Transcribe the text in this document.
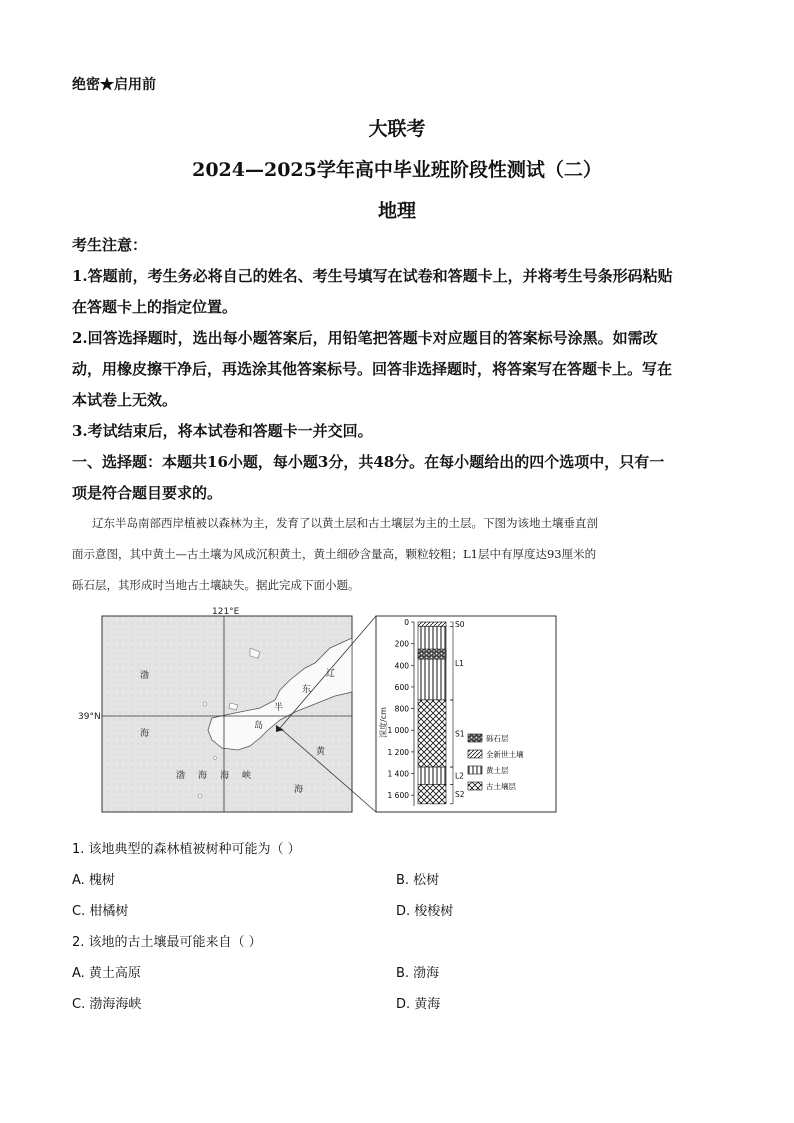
绝密★启用前
大联考
2024—2025学年高中毕业班阶段性测试（二）
地理
考生注意：
1.答题前，考生务必将自己的姓名、考生号填写在试卷和答题卡上，并将考生号条形码粘贴
在答题卡上的指定位置。
2.回答选择题时，选出每小题答案后，用铅笔把答题卡对应题目的答案标号涂黑。如需改
动，用橡皮擦干净后，再选涂其他答案标号。回答非选择题时，将答案写在答题卡上。写在
本试卷上无效。
3.考试结束后，将本试卷和答题卡一并交回。
一、选择题：本题共16小题，每小题3分，共48分。在每小题给出的四个选项中，只有一
项是符合题目要求的。
辽东半岛南部西岸植被以森林为主，发育了以黄土层和古土壤层为主的土层。下图为该地土壤垂直剖
面示意图，其中黄土—古土壤为风成沉积黄土，黄土细砂含量高，颗粒较粗；L1层中有厚度达93厘米的
砾石层，其形成时当地古土壤缺失。据此完成下面小题。
渤
海
辽
东
半
岛
黄
海
渤 海 海 峡
121°E
39°N
S0
L1
S1
L2
S2
0
200
400
600
800
1 000
1 200
1 400
1 600
深度/cm
砾石层
全新世土壤
黄土层
古土壤层
1. 该地典型的森林植被树种可能为（ ）
A. 槐树	B. 松树
C. 柑橘树	D. 梭梭树
2. 该地的古土壤最可能来自（ ）
A. 黄土高原	B. 渤海
C. 渤海海峡	D. 黄海
